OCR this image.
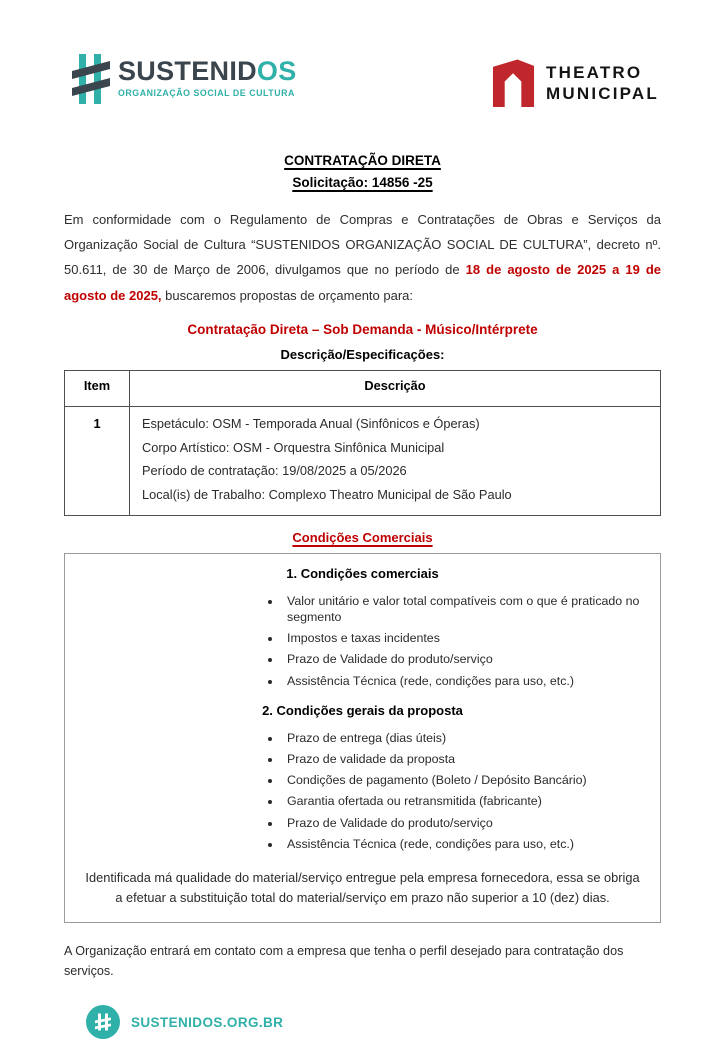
SUSTENIDOS
ORGANIZAÇÃO SOCIAL DE CULTURA
THEATRO
MUNICIPAL
CONTRATAÇÃO DIRETA
Solicitação: 14856 -25

Em conformidade com o Regulamento de Compras e Contratações de Obras e Serviços da Organização Social de Cultura “SUSTENIDOS ORGANIZAÇÃO SOCIAL DE CULTURA”, decreto nº. 50.611, de 30 de Março de 2006, divulgamos que no período de 18 de agosto de 2025 a 19 de agosto de 2025, buscaremos propostas de orçamento para:

Contratação Direta – Sob Demanda - Músico/Intérprete
Descrição/Especificações:
Item	Descrição
1	Espetáculo: OSM - Temporada Anual (Sinfônicos e Óperas)

Corpo Artístico: OSM - Orquestra Sinfônica Municipal

Período de contratação: 19/08/2025 a 05/2026

Local(is) de Trabalho: Complexo Theatro Municipal de São Paulo

Condições Comerciais
1. Condições comerciais
• Valor unitário e valor total compatíveis com o que é praticado no segmento
• Impostos e taxas incidentes
• Prazo de Validade do produto/serviço
• Assistência Técnica (rede, condições para uso, etc.)
2. Condições gerais da proposta
• Prazo de entrega (dias úteis)
• Prazo de validade da proposta
• Condições de pagamento (Boleto / Depósito Bancário)
• Garantia ofertada ou retransmitida (fabricante)
• Prazo de Validade do produto/serviço
• Assistência Técnica (rede, condições para uso, etc.)

Identificada má qualidade do material/serviço entregue pela empresa fornecedora, essa se obriga a efetuar a substituição total do material/serviço em prazo não superior a 10 (dez) dias.

A Organização entrará em contato com a empresa que tenha o perfil desejado para contratação dos serviços.

SUSTENIDOS.ORG.BR
